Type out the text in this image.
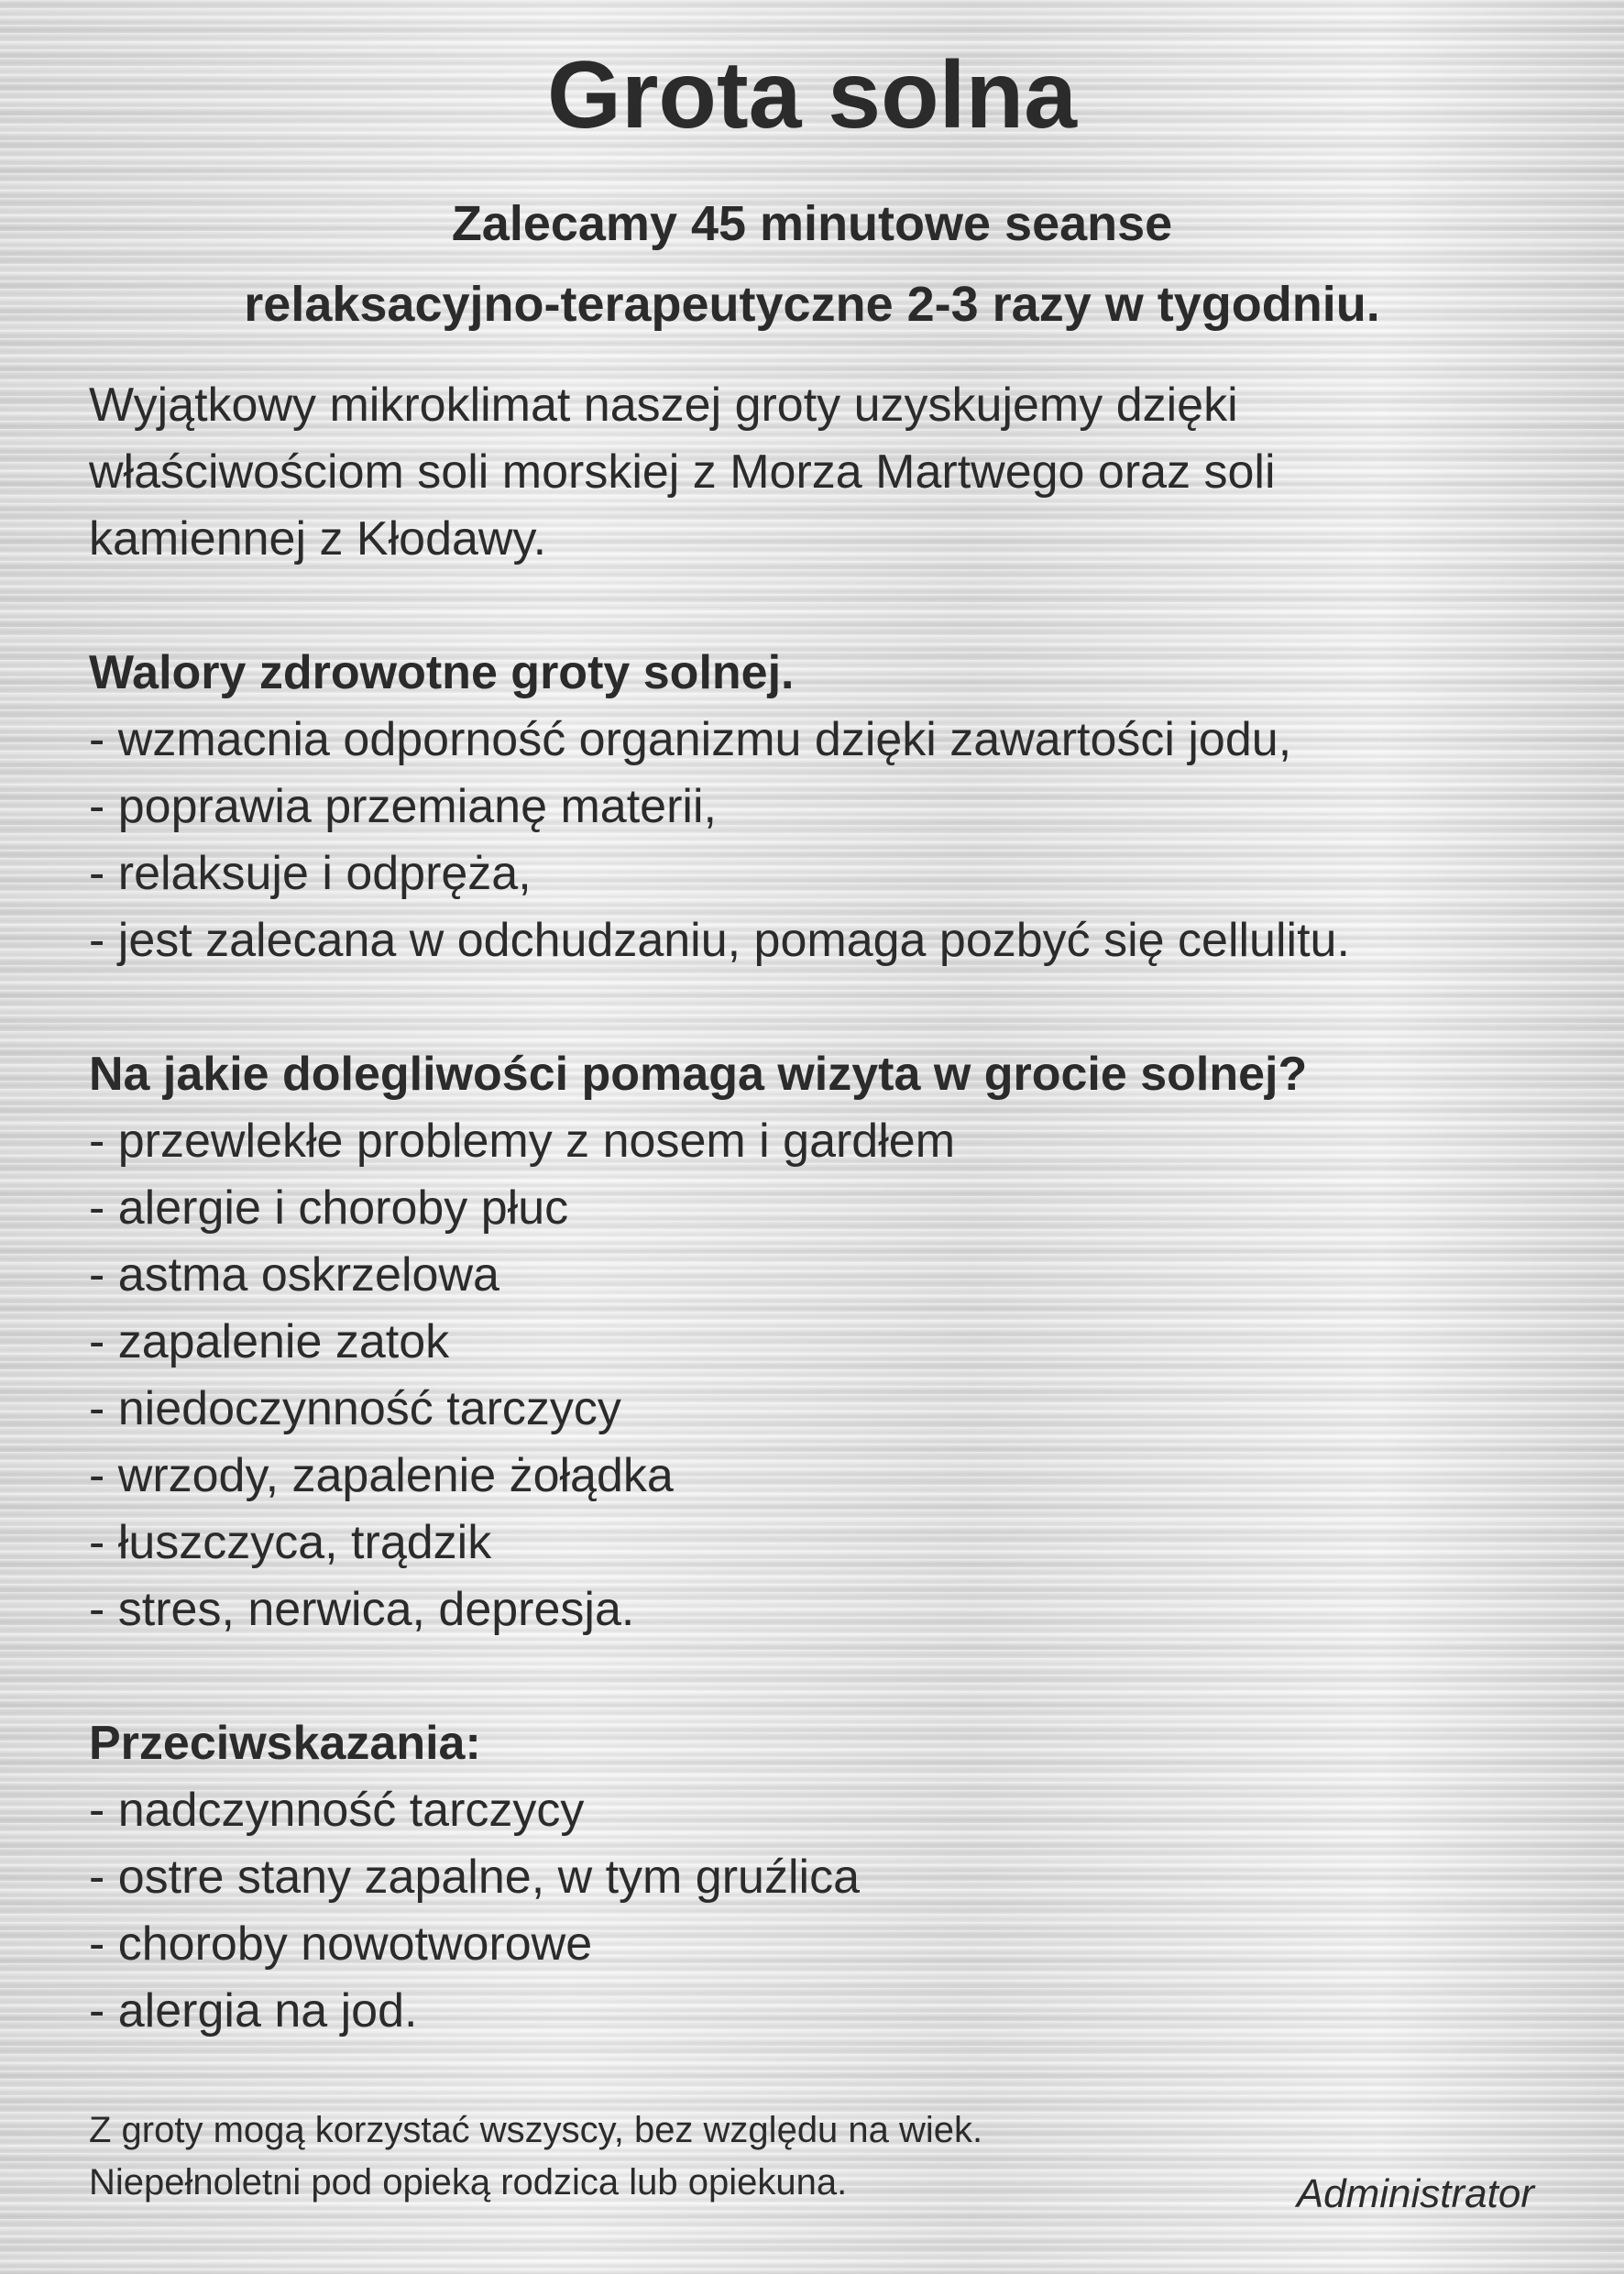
Grota solna
Zalecamy 45 minutowe seanse
relaksacyjno-terapeutyczne 2-3 razy w tygodniu.

Wyjątkowy mikroklimat naszej groty uzyskujemy dzięki
właściwościom soli morskiej z Morza Martwego oraz soli
kamiennej z Kłodawy.

Walory zdrowotne groty solnej.
- wzmacnia odporność organizmu dzięki zawartości jodu,
- poprawia przemianę materii,
- relaksuje i odpręża,
- jest zalecana w odchudzaniu, pomaga pozbyć się cellulitu.
Na jakie dolegliwości pomaga wizyta w grocie solnej?
- przewlekłe problemy z nosem i gardłem
- alergie i choroby płuc
- astma oskrzelowa
- zapalenie zatok
- niedoczynność tarczycy
- wrzody, zapalenie żołądka
- łuszczyca, trądzik
- stres, nerwica, depresja.
Przeciwskazania:
- nadczynność tarczycy
- ostre stany zapalne, w tym gruźlica
- choroby nowotworowe
- alergia na jod.
Z groty mogą korzystać wszyscy, bez względu na wiek.
Niepełnoletni pod opieką rodzica lub opiekuna.	Administrator
